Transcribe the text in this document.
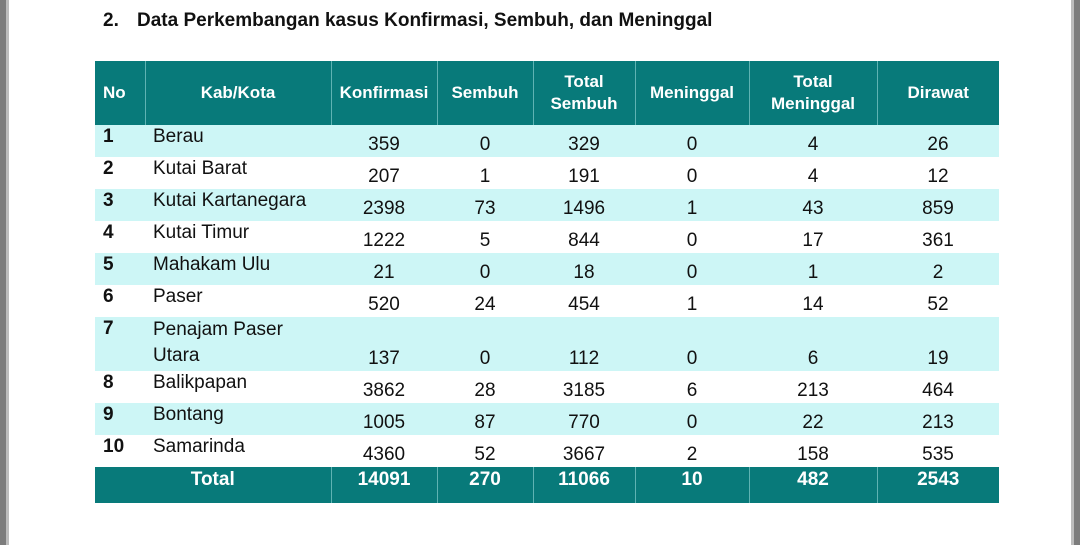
2. Data Perkembangan kasus Konfirmasi, Sembuh, dan Meninggal
No	Kab/Kota	Konfirmasi	Sembuh	Total Sembuh	Meninggal	Total Meninggal	Dirawat
1	Berau	359	0	329	0	4	26
2	Kutai Barat	207	1	191	0	4	12
3	Kutai Kartanegara	2398	73	1496	1	43	859
4	Kutai Timur	1222	5	844	0	17	361
5	Mahakam Ulu	21	0	18	0	1	2
6	Paser	520	24	454	1	14	52
7	Penajam Paser Utara	137	0	112	0	6	19
8	Balikpapan	3862	28	3185	6	213	464
9	Bontang	1005	87	770	0	22	213
10	Samarinda	4360	52	3667	2	158	535
Total		14091	270	11066	10	482	2543
